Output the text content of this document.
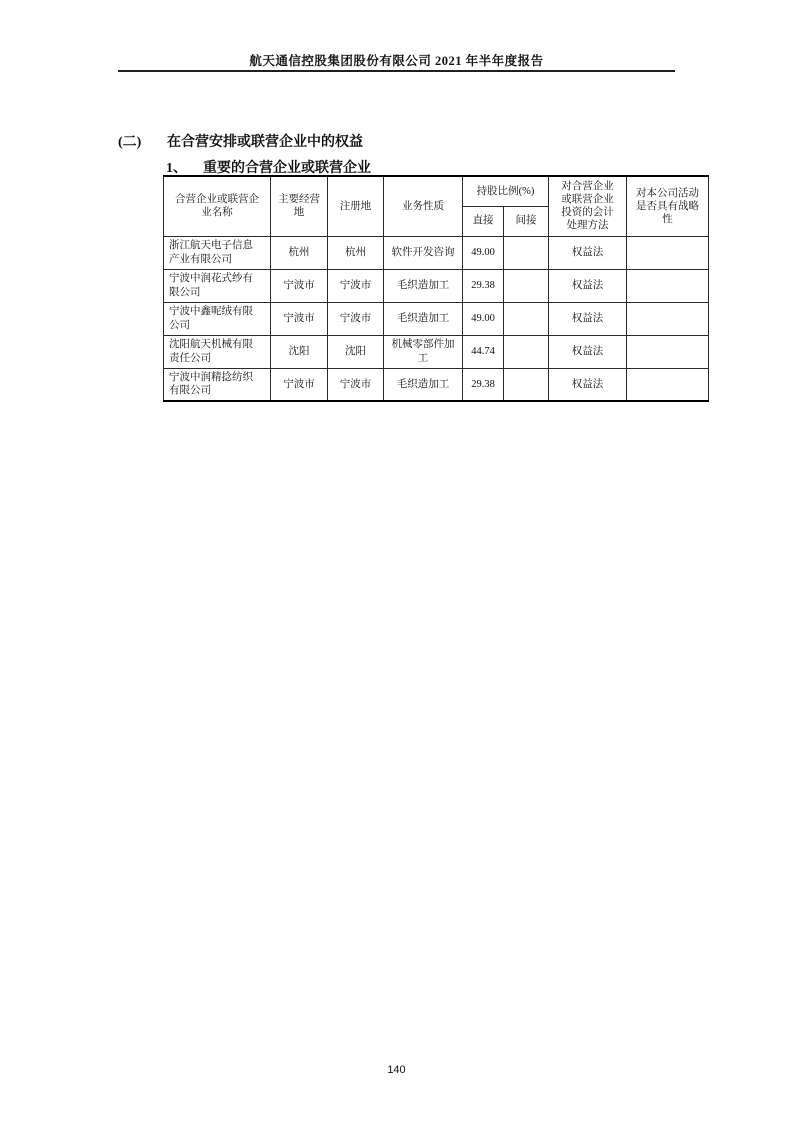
航天通信控股集团股份有限公司 2021 年半年度报告
(二)	在合营安排或联营企业中的权益
1、	重要的合营企业或联营企业
合营企业或联营企业名称	主要经营地	注册地	业务性质	持股比例(%)		对合营企业或联营企业投资的会计处理方法	对本公司活动是否具有战略性
				直接	间接		
浙江航天电子信息产业有限公司	杭州	杭州	软件开发咨询	49.00		权益法	
宁波中润花式纱有限公司	宁波市	宁波市	毛织造加工	29.38		权益法	
宁波中鑫呢绒有限公司	宁波市	宁波市	毛织造加工	49.00		权益法	
沈阳航天机械有限责任公司	沈阳	沈阳	机械零部件加工	44.74		权益法	
宁波中润精捻纺织有限公司	宁波市	宁波市	毛织造加工	29.38		权益法	
140
